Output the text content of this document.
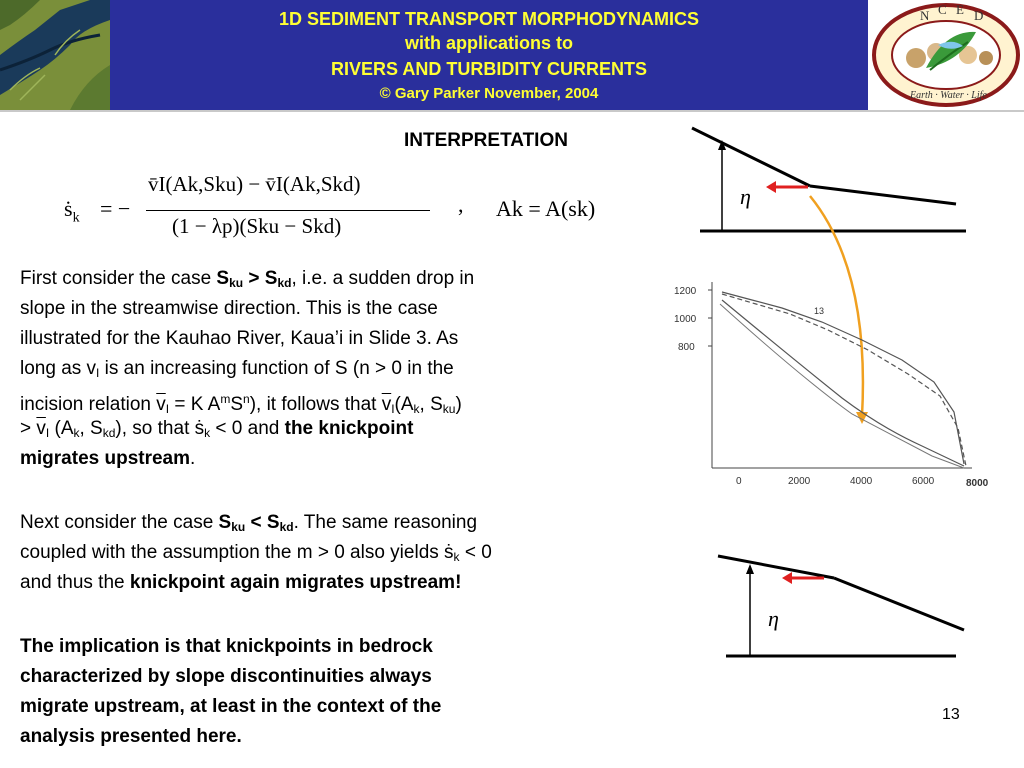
1D SEDIMENT TRANSPORT MORPHODYNAMICS
with applications to
RIVERS AND TURBIDITY CURRENTS
© Gary Parker November, 2004
N C E D
Earth · Water · Life
INTERPRETATION
ṡ$_k$ = −
v̄I(Ak,Sku) − v̄I(Ak,Skd)
(1 − λp)(Sku − Skd)
, Ak = A(sk)
First consider the case $S_{ku} > S_{kd}$, i.e. a sudden drop in
slope in the streamwise direction. This is the case
illustrated for the Kauhao River, Kaua’i in Slide 3. As
long as $v_I$ is an increasing function of S (n > 0 in the
incision relation $\overline{v}_I = K$ $A^mS^n$), it follows that $\overline{v}_I(A_k$, $S_{ku}$)
> $\overline{v}_I$ ($A_k$, $S_{kd}$), so that ṡ$_k$ < 0 and the knickpoint
migrates upstream.
Next consider the case $S_{ku} < S_{kd}$. The same reasoning
coupled with the assumption the m > 0 also yields ṡ$_k$ < 0
and thus the knickpoint again migrates upstream!
The implication is that knickpoints in bedrock
characterized by slope discontinuities always
migrate upstream, at least in the context of the
analysis presented here.
η
1200
1000
800
0	2000	4000	6000	8000
13
η
13
